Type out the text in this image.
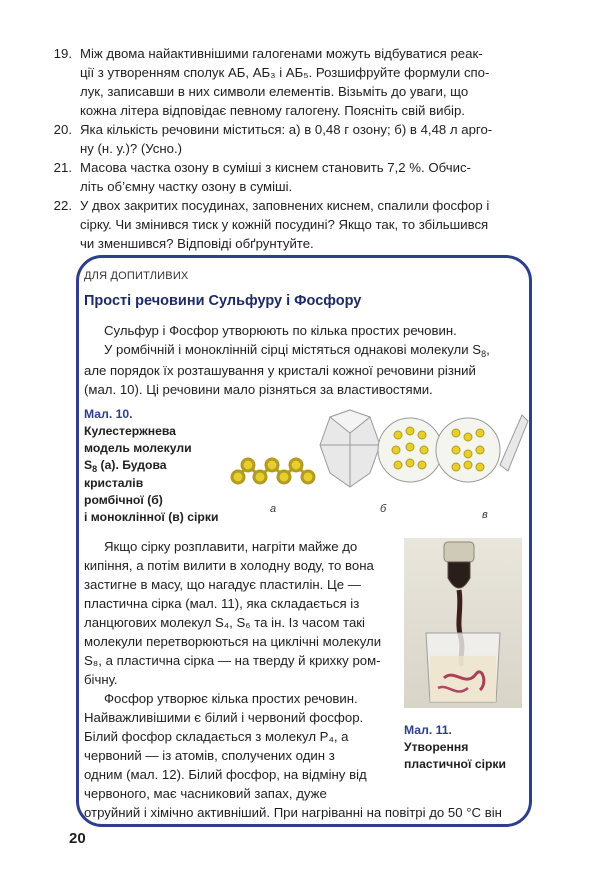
19. Між двома найактивнішими галогенами можуть відбуватися реак-
ції з утворенням сполук АБ, АБ₃ і АБ₅. Розшифруйте формули спо-
лук, записавши в них символи елементів. Візьміть до уваги, що
кожна літера відповідає певному галогену. Поясніть свій вибір.
20. Яка кількість речовини міститься: а) в 0,48 г озону; б) в 4,48 л арго-
ну (н. у.)? (Усно.)
21. Масова частка озону в суміші з киснем становить 7,2 %. Обчис-
літь об’ємну частку озону в суміші.
22. У двох закритих посудинах, заповнених киснем, спалили фосфор і
сірку. Чи змінився тиск у кожній посудині? Якщо так, то збільшився
чи зменшився? Відповіді обґрунтуйте.
ДЛЯ ДОПИТЛИВИХ
Прості речовини Сульфуру і Фосфору
Сульфур і Фосфор утворюють по кілька простих речовин.
У ромбічній і моноклінній сірці містяться однакові молекули $S_8$,
але порядок їх розташування у кристалі кожної речовини різний
(мал. 10). Ці речовини мало різняться за властивостями.
Мал. 10.
Кулестержнева
модель молекули
$S_8$ (а). Будова
кристалів
ромбічної (б)
і моноклінної (в) сірки
а	б	в
Якщо сірку розплавити, нагріти майже до
кипіння, а потім вилити в холодну воду, то вона
застигне в масу, що нагадує пластилін. Це —
пластична сірка (мал. 11), яка складається із
ланцюгових молекул S₄, S₆ та ін. Із часом такі
молекули перетворюються на циклічні молекули
S₈, а пластична сірка — на тверду й крихку ром-
бічну.
Мал. 11.
Утворення
пластичної сірки
Фосфор утворює кілька простих речовин.
Найважливішими є білий і червоний фосфор.
Білий фосфор складається з молекул P₄, а
червоний — із атомів, сполучених один з
одним (мал. 12). Білий фосфор, на відміну від
червоного, має часниковий запах, дуже
отруйний і хімічно активніший. При нагріванні на повітрі до 50 °С він
20
